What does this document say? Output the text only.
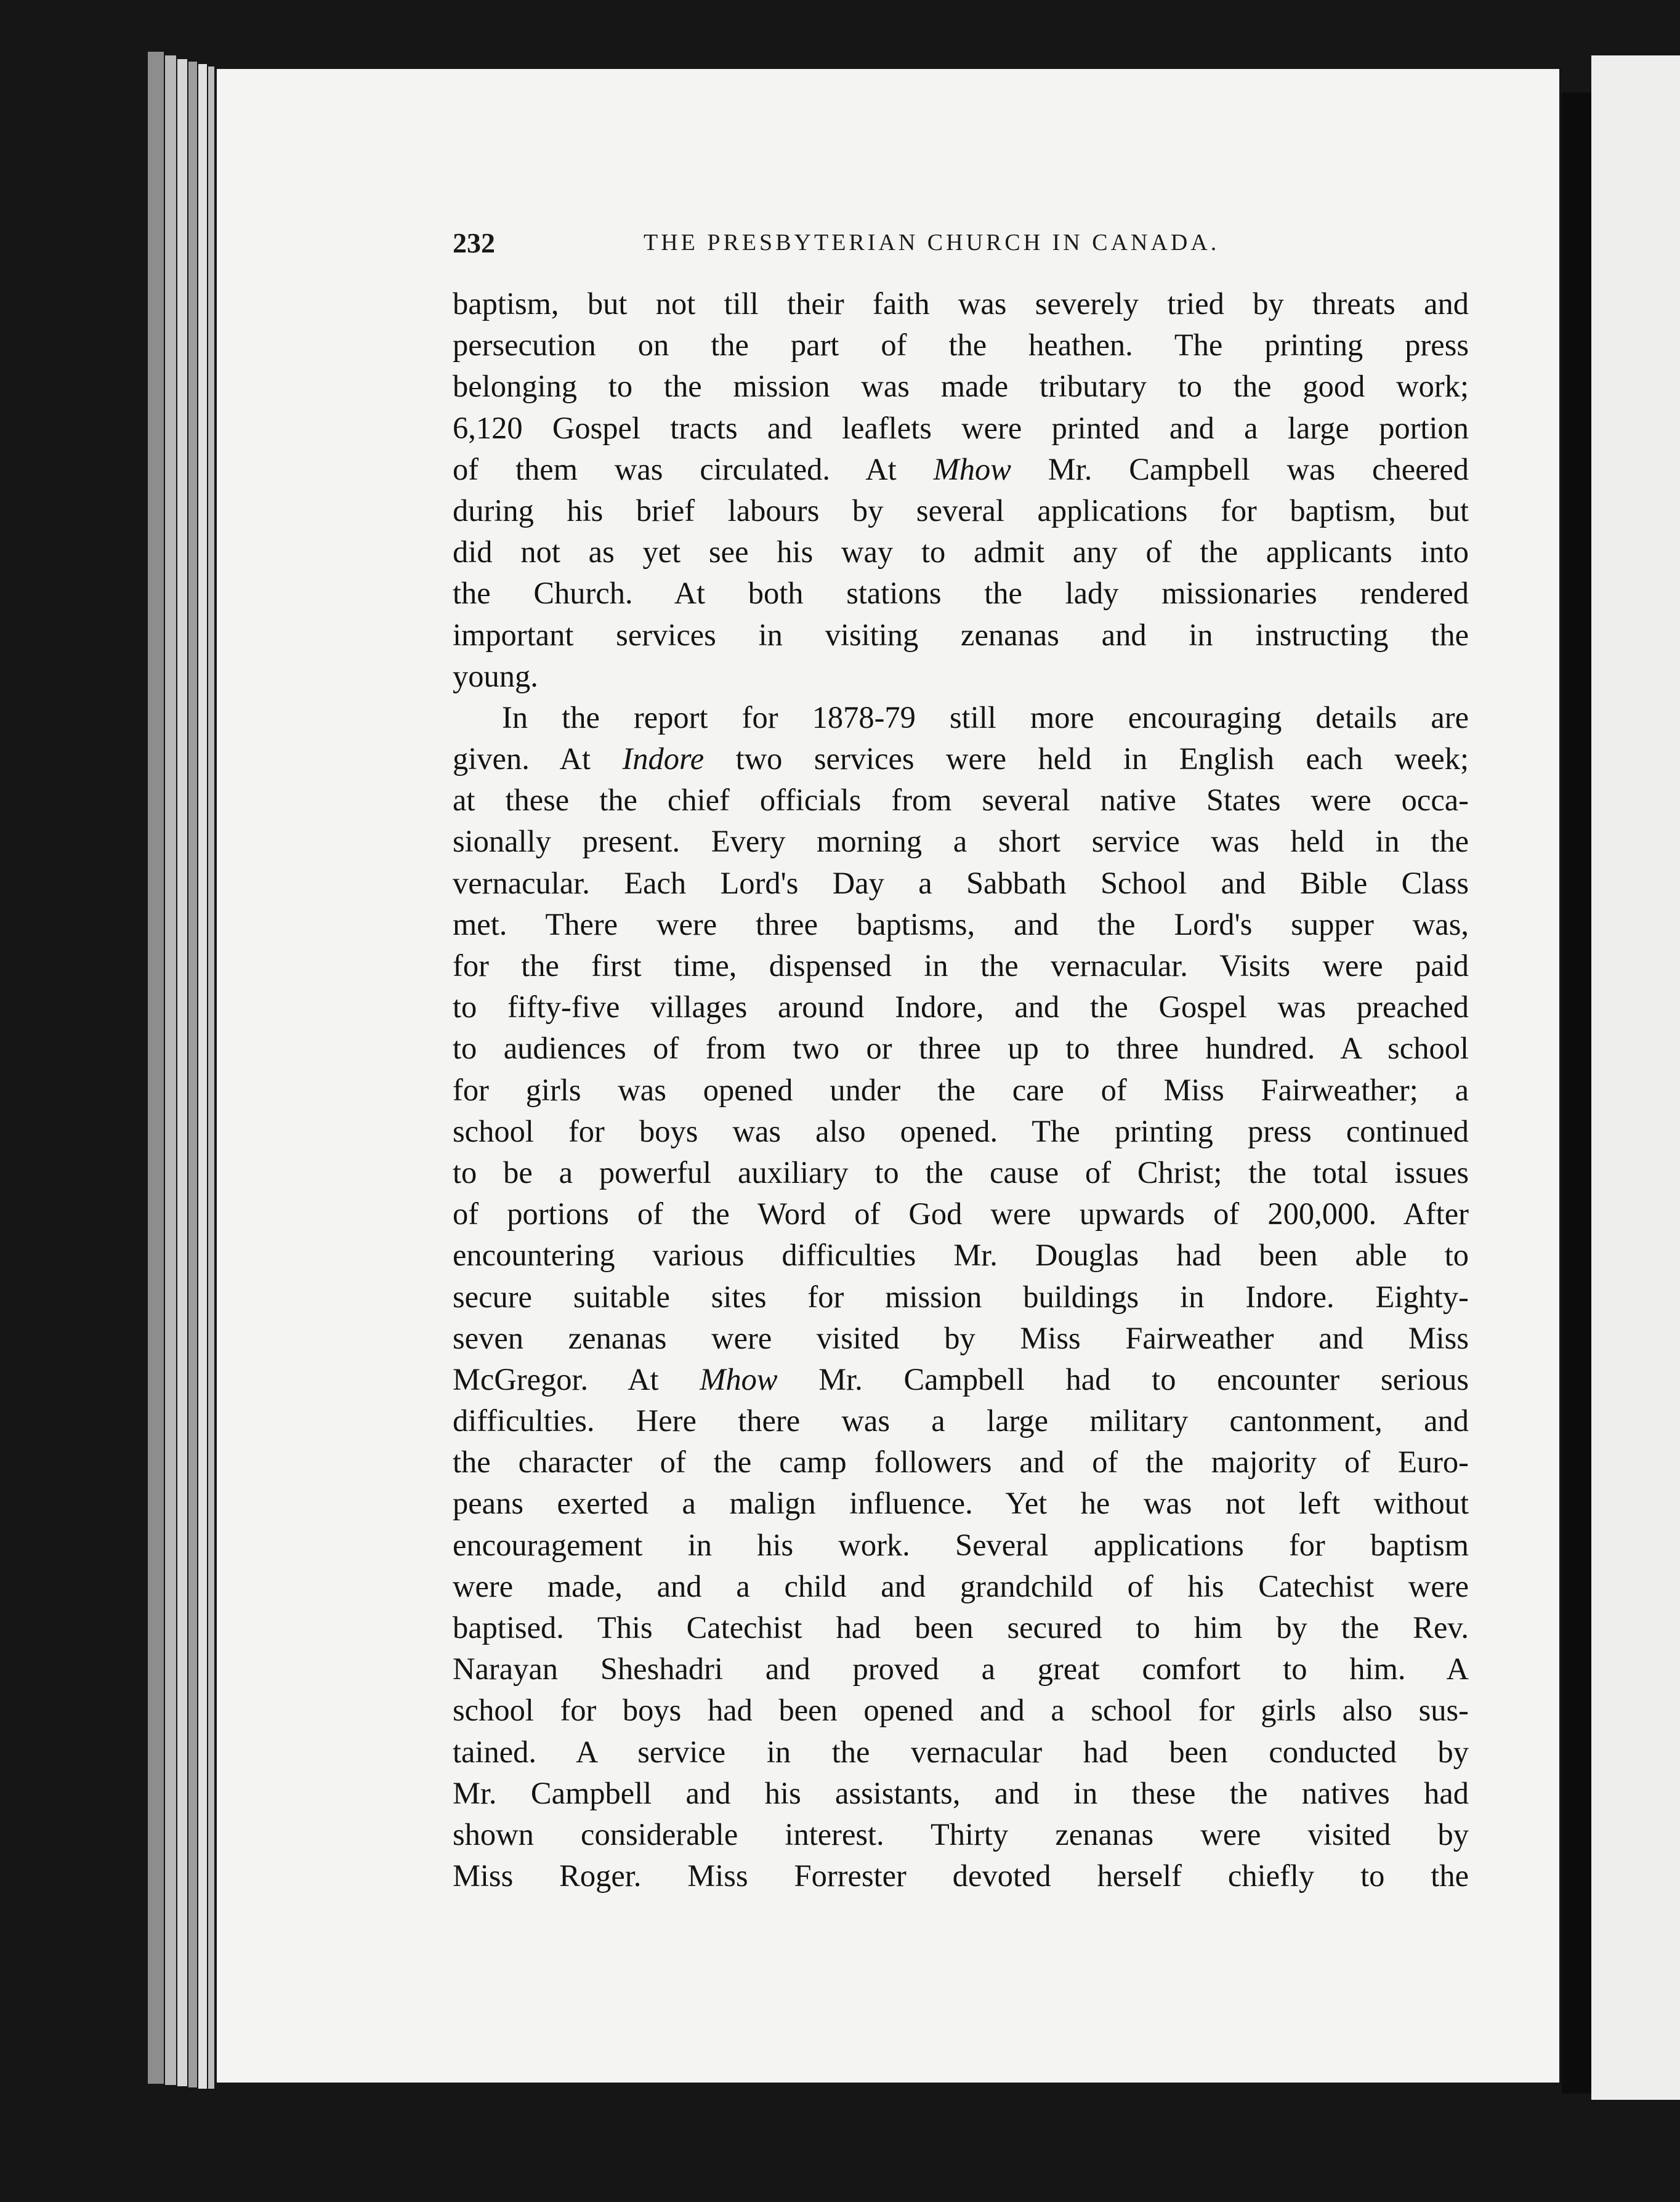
232	THE PRESBYTERIAN CHURCH IN CANADA.
baptism, but not till their faith was severely tried by threats and
persecution on the part of the heathen. The printing press
belonging to the mission was made tributary to the good work;
6,120 Gospel tracts and leaflets were printed and a large portion
of them was circulated. At Mhow Mr. Campbell was cheered
during his brief labours by several applications for baptism, but
did not as yet see his way to admit any of the applicants into
the Church. At both stations the lady missionaries rendered
important services in visiting zenanas and in instructing the
young.
In the report for 1878-79 still more encouraging details are
given. At Indore two services were held in English each week;
at these the chief officials from several native States were occa-
sionally present. Every morning a short service was held in the
vernacular. Each Lord's Day a Sabbath School and Bible Class
met. There were three baptisms, and the Lord's supper was,
for the first time, dispensed in the vernacular. Visits were paid
to fifty-five villages around Indore, and the Gospel was preached
to audiences of from two or three up to three hundred. A school
for girls was opened under the care of Miss Fairweather; a
school for boys was also opened. The printing press continued
to be a powerful auxiliary to the cause of Christ; the total issues
of portions of the Word of God were upwards of 200,000. After
encountering various difficulties Mr. Douglas had been able to
secure suitable sites for mission buildings in Indore. Eighty-
seven zenanas were visited by Miss Fairweather and Miss
McGregor. At Mhow Mr. Campbell had to encounter serious
difficulties. Here there was a large military cantonment, and
the character of the camp followers and of the majority of Euro-
peans exerted a malign influence. Yet he was not left without
encouragement in his work. Several applications for baptism
were made, and a child and grandchild of his Catechist were
baptised. This Catechist had been secured to him by the Rev.
Narayan Sheshadri and proved a great comfort to him. A
school for boys had been opened and a school for girls also sus-
tained. A service in the vernacular had been conducted by
Mr. Campbell and his assistants, and in these the natives had
shown considerable interest. Thirty zenanas were visited by
Miss Roger. Miss Forrester devoted herself chiefly to the
